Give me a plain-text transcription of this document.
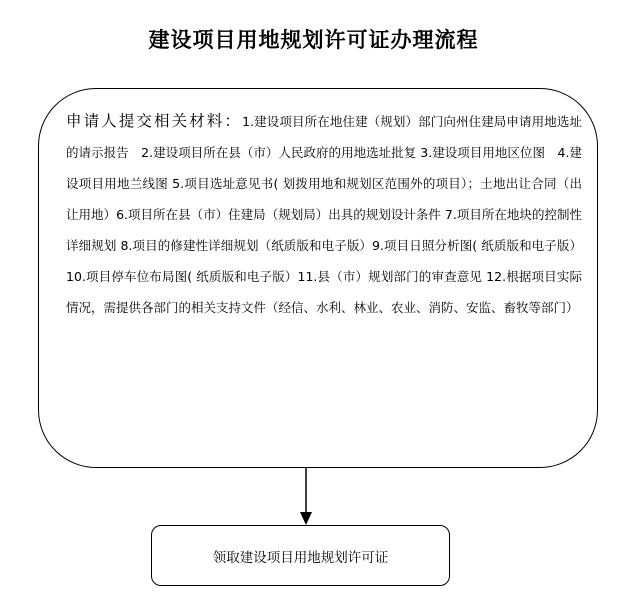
建设项目用地规划许可证办理流程
申请人提交相关材料：1.建设项目所在地住建（规划）部门向州住建局申请用地选址的请示报告　2.建设项目所在县（市）人民政府的用地选址批复 3.建设项目用地区位图　4.建设项目用地兰线图 5.项目选址意见书( 划拨用地和规划区范围外的项目）；土地出让合同（出让用地）6.项目所在县（市）住建局（规划局）出具的规划设计条件 7.项目所在地块的控制性详细规划 8.项目的修建性详细规划（纸质版和电子版）9.项目日照分析图( 纸质版和电子版）10.项目停车位布局图( 纸质版和电子版）11.县（市）规划部门的审查意见 12.根据项目实际情况，需提供各部门的相关支持文件（经信、水利、林业、农业、消防、安监、畜牧等部门）
领取建设项目用地规划许可证
